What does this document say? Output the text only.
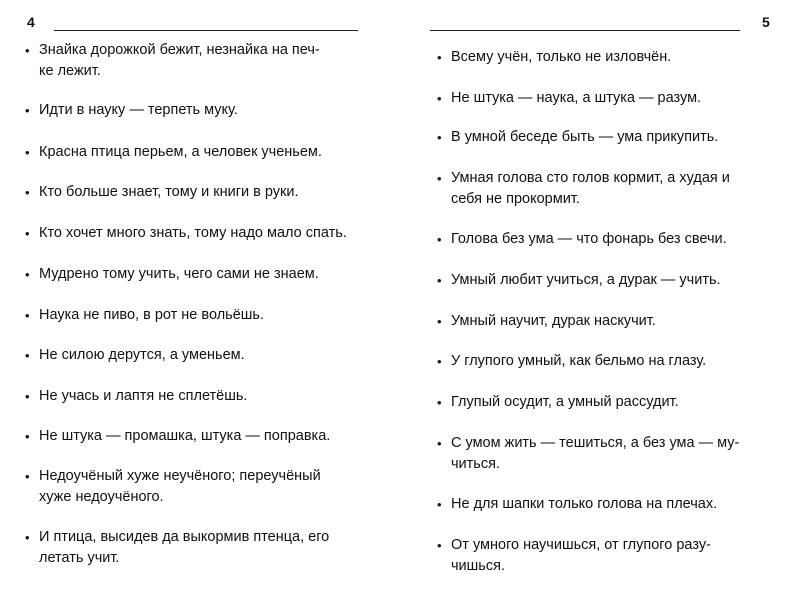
4
• Знайка дорожкой бежит, незнайка на печ-
ке лежит.
• Идти в науку — терпеть муку.
• Красна птица перьем, а человек ученьем.
• Кто больше знает, тому и книги в руки.
• Кто хочет много знать, тому надо мало спать.
• Мудрено тому учить, чего сами не знаем.
• Наука не пиво, в рот не вольёшь.
• Не силою дерутся, а уменьем.
• Не учась и лаптя не сплетёшь.
• Не штука — промашка, штука — поправка.
• Недоучёный хуже неучёного; переучёный
хуже недоучёного.
• И птица, высидев да выкормив птенца, его
летать учит.
5
• Всему учён, только не изловчён.
• Не штука — наука, а штука — разум.
• В умной беседе быть — ума прикупить.
• Умная голова сто голов кормит, а худая и
себя не прокормит.
• Голова без ума — что фонарь без свечи.
• Умный любит учиться, а дурак — учить.
• Умный научит, дурак наскучит.
• У глупого умный, как бельмо на глазу.
• Глупый осудит, а умный рассудит.
• С умом жить — тешиться, а без ума — му-
читься.
• Не для шапки только голова на плечах.
• От умного научишься, от глупого разу-
чишься.
